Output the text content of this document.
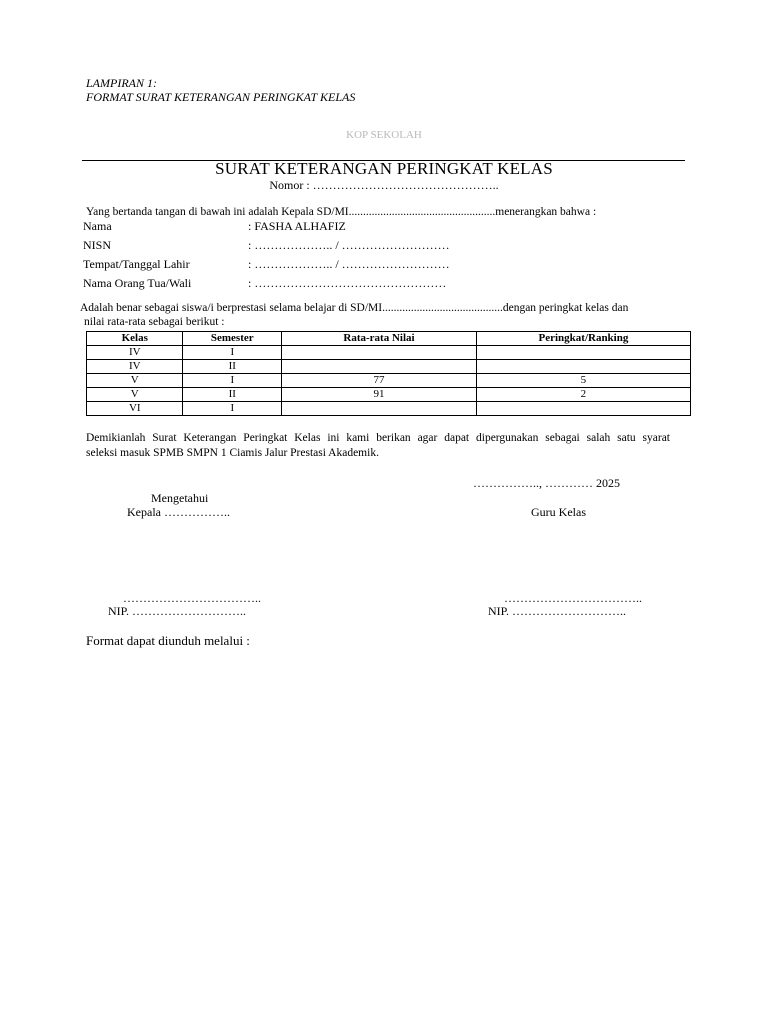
LAMPIRAN 1:
FORMAT SURAT KETERANGAN PERINGKAT KELAS
KOP SEKOLAH
SURAT KETERANGAN PERINGKAT KELAS
Nomor : ………………………………………..
Yang bertanda tangan di bawah ini adalah Kepala SD/MI...................................................menerangkan bahwa :
Nama	: FASHA ALHAFIZ
NISN	: ……………….. / ………………………
Tempat/Tanggal Lahir	: ……………….. / ………………………
Nama Orang Tua/Wali	: …………………………………………
Adalah benar sebagai siswa/i berprestasi selama belajar di SD/MI..........................................dengan peringkat kelas dan
nilai rata-rata sebagai berikut :
Kelas	Semester	Rata-rata Nilai	Peringkat/Ranking
IV	I		
IV	II		
V	I	77	5
V	II	91	2
VI	I		
Demikianlah Surat Keterangan Peringkat Kelas ini kami berikan agar dapat dipergunakan sebagai salah satu syarat
seleksi masuk SPMB SMPN 1 Ciamis Jalur Prestasi Akademik.
…………….., ………… 2025
Mengetahui
Kepala ……………..	Guru Kelas
……………………………..
NIP. ………………………..
……………………………..
NIP. ………………………..
Format dapat diunduh melalui :
